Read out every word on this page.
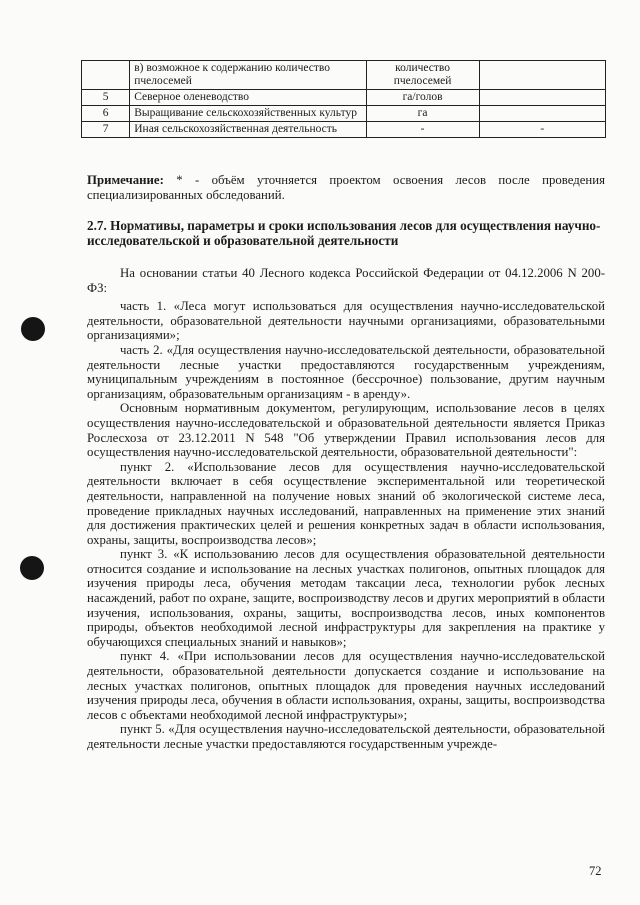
	в) возможное к содержанию количество пчелосемей	количество пчелосемей	
5	Северное оленеводство	га/голов	
6	Выращивание сельскохозяйственных культур	га	
7	Иная сельскохозяйственная деятельность	-	-

Примечание: * - объём уточняется проектом освоения лесов после проведения специализированных обследований.

2.7. Нормативы, параметры и сроки использования лесов для осуществления научно-исследовательской и образовательной деятельности

На основании статьи 40 Лесного кодекса Российской Федерации от 04.12.2006 N 200-ФЗ:

часть 1. «Леса могут использоваться для осуществления научно-исследовательской деятельности, образовательной деятельности научными организациями, образовательными организациями»;

часть 2. «Для осуществления научно-исследовательской деятельности, образовательной деятельности лесные участки предоставляются государственным учреждениям, муниципальным учреждениям в постоянное (бессрочное) пользование, другим научным организациям, образовательным организациям - в аренду».

Основным нормативным документом, регулирующим, использование лесов в целях осуществления научно-исследовательской и образовательной деятельности является Приказ Рослесхоза от 23.12.2011 N 548 "Об утверждении Правил использования лесов для осуществления научно-исследовательской деятельности, образовательной деятельности":

пункт 2. «Использование лесов для осуществления научно-исследовательской деятельности включает в себя осуществление экспериментальной или теоретической деятельности, направленной на получение новых знаний об экологической системе леса, проведение прикладных научных исследований, направленных на применение этих знаний для достижения практических целей и решения конкретных задач в области использования, охраны, защиты, воспроизводства лесов»;

пункт 3. «К использованию лесов для осуществления образовательной деятельности относится создание и использование на лесных участках полигонов, опытных площадок для изучения природы леса, обучения методам таксации леса, технологии рубок лесных насаждений, работ по охране, защите, воспроизводству лесов и других мероприятий в области изучения, использования, охраны, защиты, воспроизводства лесов, иных компонентов природы, объектов необходимой лесной инфраструктуры для закрепления на практике у обучающихся специальных знаний и навыков»;

пункт 4. «При использовании лесов для осуществления научно-исследовательской деятельности, образовательной деятельности допускается создание и использование на лесных участках полигонов, опытных площадок для проведения научных исследований изучения природы леса, обучения в области использования, охраны, защиты, воспроизводства лесов с объектами необходимой лесной инфраструктуры»;

пункт 5. «Для осуществления научно-исследовательской деятельности, образовательной деятельности лесные участки предоставляются государственным учрежде-

72
